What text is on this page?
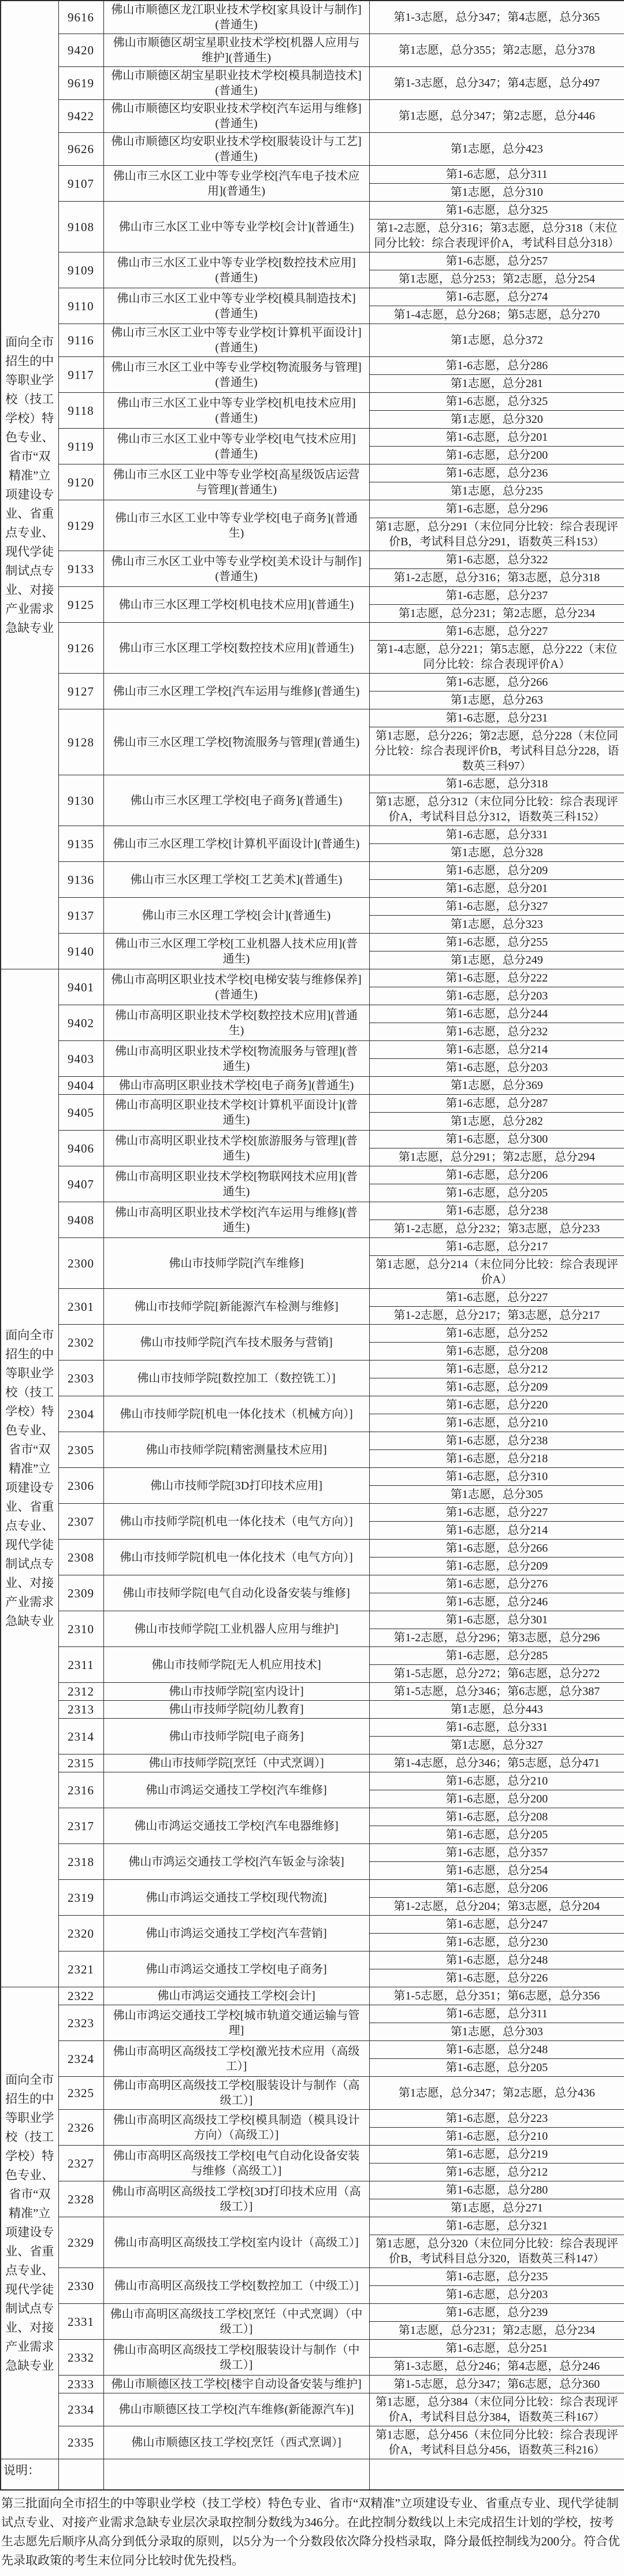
面向全市招生的中等职业学校（技工学校）特色专业、省市“双精准”立项建设专业、省重点专业、现代学徒制试点专业、对接产业需求急缺专业	9616	佛山市顺德区龙江职业技术学校[家具设计与制作](普通生)	第1-3志愿，总分347；第4志愿，总分365
	9420	佛山市顺德区胡宝星职业技术学校[机器人应用与维护](普通生)	第1志愿，总分355；第2志愿，总分378
	9619	佛山市顺德区胡宝星职业技术学校[模具制造技术](普通生)	第1-3志愿，总分347；第4志愿，总分497
	9422	佛山市顺德区均安职业技术学校[汽车运用与维修](普通生)	第1志愿，总分347；第2志愿，总分446
	9626	佛山市顺德区均安职业技术学校[服装设计与工艺](普通生)	第1志愿，总分423
	9107	佛山市三水区工业中等专业学校[汽车电子技术应用](普通生)	第1-6志愿，总分311
			第1志愿，总分310
	9108	佛山市三水区工业中等专业学校[会计](普通生)	第1-6志愿，总分325
			第1-2志愿，总分316；第3志愿，总分318（末位同分比较：综合表现评价A，考试科目总分318）
	9109	佛山市三水区工业中等专业学校[数控技术应用](普通生)	第1-6志愿，总分257
			第1志愿，总分253；第2志愿，总分254
	9110	佛山市三水区工业中等专业学校[模具制造技术](普通生)	第1-6志愿，总分274
			第1-4志愿，总分268；第5志愿，总分270
	9116	佛山市三水区工业中等专业学校[计算机平面设计](普通生)	第1志愿，总分372
	9117	佛山市三水区工业中等专业学校[物流服务与管理](普通生)	第1-6志愿，总分286
			第1志愿，总分281
	9118	佛山市三水区工业中等专业学校[机电技术应用](普通生)	第1-6志愿，总分325
			第1志愿，总分320
	9119	佛山市三水区工业中等专业学校[电气技术应用](普通生)	第1-6志愿，总分201
			第1-6志愿，总分200
	9120	佛山市三水区工业中等专业学校[高星级饭店运营与管理](普通生)	第1-6志愿，总分236
			第1志愿，总分235
	9129	佛山市三水区工业中等专业学校[电子商务](普通生)	第1-6志愿，总分296
			第1志愿，总分291（末位同分比较：综合表现评价B，考试科目总分291，语数英三科153）
	9133	佛山市三水区工业中等专业学校[美术设计与制作](普通生)	第1-6志愿，总分322
			第1-2志愿，总分316；第3志愿，总分318
	9125	佛山市三水区理工学校[机电技术应用](普通生)	第1-6志愿，总分237
			第1志愿，总分231；第2志愿，总分234
	9126	佛山市三水区理工学校[数控技术应用](普通生)	第1-6志愿，总分227
			第1-4志愿，总分221；第5志愿，总分222（末位同分比较：综合表现评价A）
	9127	佛山市三水区理工学校[汽车运用与维修](普通生)	第1-6志愿，总分266
			第1志愿，总分263
	9128	佛山市三水区理工学校[物流服务与管理](普通生)	第1-6志愿，总分231
			第1志愿，总分226；第2志愿，总分228（末位同分比较：综合表现评价B，考试科目总分228，语数英三科97）
	9130	佛山市三水区理工学校[电子商务](普通生)	第1-6志愿，总分318
			第1志愿，总分312（末位同分比较：综合表现评价A，考试科目总分312，语数英三科152）
	9135	佛山市三水区理工学校[计算机平面设计](普通生)	第1-6志愿，总分331
			第1志愿，总分328
	9136	佛山市三水区理工学校[工艺美术](普通生)	第1-6志愿，总分209
			第1-6志愿，总分201
	9137	佛山市三水区理工学校[会计](普通生)	第1-6志愿，总分327
			第1志愿，总分323
	9140	佛山市三水区理工学校[工业机器人技术应用](普通生)	第1-6志愿，总分255
			第1志愿，总分249
面向全市招生的中等职业学校（技工学校）特色专业、省市“双精准”立项建设专业、省重点专业、现代学徒制试点专业、对接产业需求急缺专业	9401	佛山市高明区职业技术学校[电梯安装与维修保养](普通生)	第1-6志愿，总分222
			第1-6志愿，总分203
	9402	佛山市高明区职业技术学校[数控技术应用](普通生)	第1-6志愿，总分244
			第1-6志愿，总分232
	9403	佛山市高明区职业技术学校[物流服务与管理](普通生)	第1-6志愿，总分214
			第1-6志愿，总分203
	9404	佛山市高明区职业技术学校[电子商务](普通生)	第1志愿，总分369
	9405	佛山市高明区职业技术学校[计算机平面设计](普通生)	第1-6志愿，总分287
			第1志愿，总分282
	9406	佛山市高明区职业技术学校[旅游服务与管理](普通生)	第1-6志愿，总分300
			第1志愿，总分291；第2志愿，总分294
	9407	佛山市高明区职业技术学校[物联网技术应用](普通生)	第1-6志愿，总分206
			第1-6志愿，总分205
	9408	佛山市高明区职业技术学校[汽车运用与维修](普通生)	第1-6志愿，总分238
			第1-2志愿，总分232；第3志愿，总分233
	2300	佛山市技师学院[汽车维修]	第1-6志愿，总分217
			第1志愿，总分214（末位同分比较：综合表现评价A）
	2301	佛山市技师学院[新能源汽车检测与维修]	第1-6志愿，总分227
			第1-2志愿，总分217；第3志愿，总分217
	2302	佛山市技师学院[汽车技术服务与营销]	第1-6志愿，总分252
			第1-6志愿，总分208
	2303	佛山市技师学院[数控加工（数控铣工）]	第1-6志愿，总分212
			第1-6志愿，总分209
	2304	佛山市技师学院[机电一体化技术（机械方向）]	第1-6志愿，总分220
			第1-6志愿，总分210
	2305	佛山市技师学院[精密测量技术应用]	第1-6志愿，总分238
			第1-6志愿，总分218
	2306	佛山市技师学院[3D打印技术应用]	第1-6志愿，总分310
			第1志愿，总分305
	2307	佛山市技师学院[机电一体化技术（电气方向）]	第1-6志愿，总分227
			第1-6志愿，总分214
	2308	佛山市技师学院[机电一体化技术（电气方向）]	第1-6志愿，总分266
			第1-6志愿，总分209
	2309	佛山市技师学院[电气自动化设备安装与维修]	第1-6志愿，总分276
			第1-6志愿，总分246
	2310	佛山市技师学院[工业机器人应用与维护]	第1-6志愿，总分301
			第1-2志愿，总分296；第3志愿，总分296
	2311	佛山市技师学院[无人机应用技术]	第1-6志愿，总分285
			第1-5志愿，总分272；第6志愿，总分272
	2312	佛山市技师学院[室内设计]	第1-5志愿，总分346；第6志愿，总分387
	2313	佛山市技师学院[幼儿教育]	第1志愿，总分443
	2314	佛山市技师学院[电子商务]	第1-6志愿，总分331
			第1志愿，总分327
	2315	佛山市技师学院[烹饪（中式烹调）]	第1-4志愿，总分346；第5志愿，总分471
	2316	佛山市鸿运交通技工学校[汽车维修]	第1-6志愿，总分210
			第1-6志愿，总分200
	2317	佛山市鸿运交通技工学校[汽车电器维修]	第1-6志愿，总分208
			第1-6志愿，总分205
	2318	佛山市鸿运交通技工学校[汽车钣金与涂装]	第1-6志愿，总分357
			第1-6志愿，总分254
	2319	佛山市鸿运交通技工学校[现代物流]	第1-6志愿，总分206
			第1-2志愿，总分204；第3志愿，总分204
	2320	佛山市鸿运交通技工学校[汽车营销]	第1-6志愿，总分247
			第1-6志愿，总分230
	2321	佛山市鸿运交通技工学校[电子商务]	第1-6志愿，总分248
			第1-6志愿，总分226
面向全市招生的中等职业学校（技工学校）特色专业、省市“双精准”立项建设专业、省重点专业、现代学徒制试点专业、对接产业需求急缺专业	2322	佛山市鸿运交通技工学校[会计]	第1-5志愿，总分351；第6志愿，总分356
	2323	佛山市鸿运交通技工学校[城市轨道交通运输与管理]	第1-6志愿，总分311
			第1志愿，总分303
	2324	佛山市高明区高级技工学校[激光技术应用（高级工）]	第1-6志愿，总分248
			第1-6志愿，总分205
	2325	佛山市高明区高级技工学校[服装设计与制作（高级工）]	第1志愿，总分347；第2志愿，总分436
	2326	佛山市高明区高级技工学校[模具制造（模具设计方向）（高级工）]	第1-6志愿，总分223
			第1-6志愿，总分210
	2327	佛山市高明区高级技工学校[电气自动化设备安装与维修（高级工）]	第1-6志愿，总分219
			第1-6志愿，总分212
	2328	佛山市高明区高级技工学校[3D打印技术应用（高级工）]	第1-6志愿，总分280
			第1志愿，总分271
	2329	佛山市高明区高级技工学校[室内设计（高级工）]	第1-6志愿，总分321
			第1志愿，总分320（末位同分比较：综合表现评价B，考试科目总分320，语数英三科147）
	2330	佛山市高明区高级技工学校[数控加工（中级工）]	第1-6志愿，总分235
			第1-6志愿，总分203
	2331	佛山市高明区高级技工学校[烹饪（中式烹调）（中级工）]	第1-6志愿，总分239
			第1志愿，总分231；第2志愿，总分234
	2332	佛山市高明区高级技工学校[服装设计与制作（中级工）]	第1-6志愿，总分251
			第1-3志愿，总分246；第4志愿，总分246
	2333	佛山市顺德区技工学校[楼宇自动设备安装与维护]	第1-5志愿，总分347；第6志愿，总分360
	2334	佛山市顺德区技工学校[汽车维修(新能源汽车)]	第1志愿，总分384（末位同分比较：综合表现评价A，考试科目总分384，语数英三科167）
	2335	佛山市顺德区技工学校[烹饪（西式烹调）]	第1志愿，总分456（末位同分比较：综合表现评价A，考试科目总分456，语数英三科216）
说明：			
第三批面向全市招生的中等职业学校（技工学校）特色专业、省市“双精准”立项建设专业、省重点专业、现代学徒制试点专业、对接产业需求急缺专业层次录取控制分数线为346分。在此控制分数线以上未完成招生计划的学校，按考生志愿先后顺序从高分到低分录取的原则，以5分为一个分数段依次降分投档录取，降分最低控制线为200分。符合优先录取政策的考生末位同分比较时优先投档。
